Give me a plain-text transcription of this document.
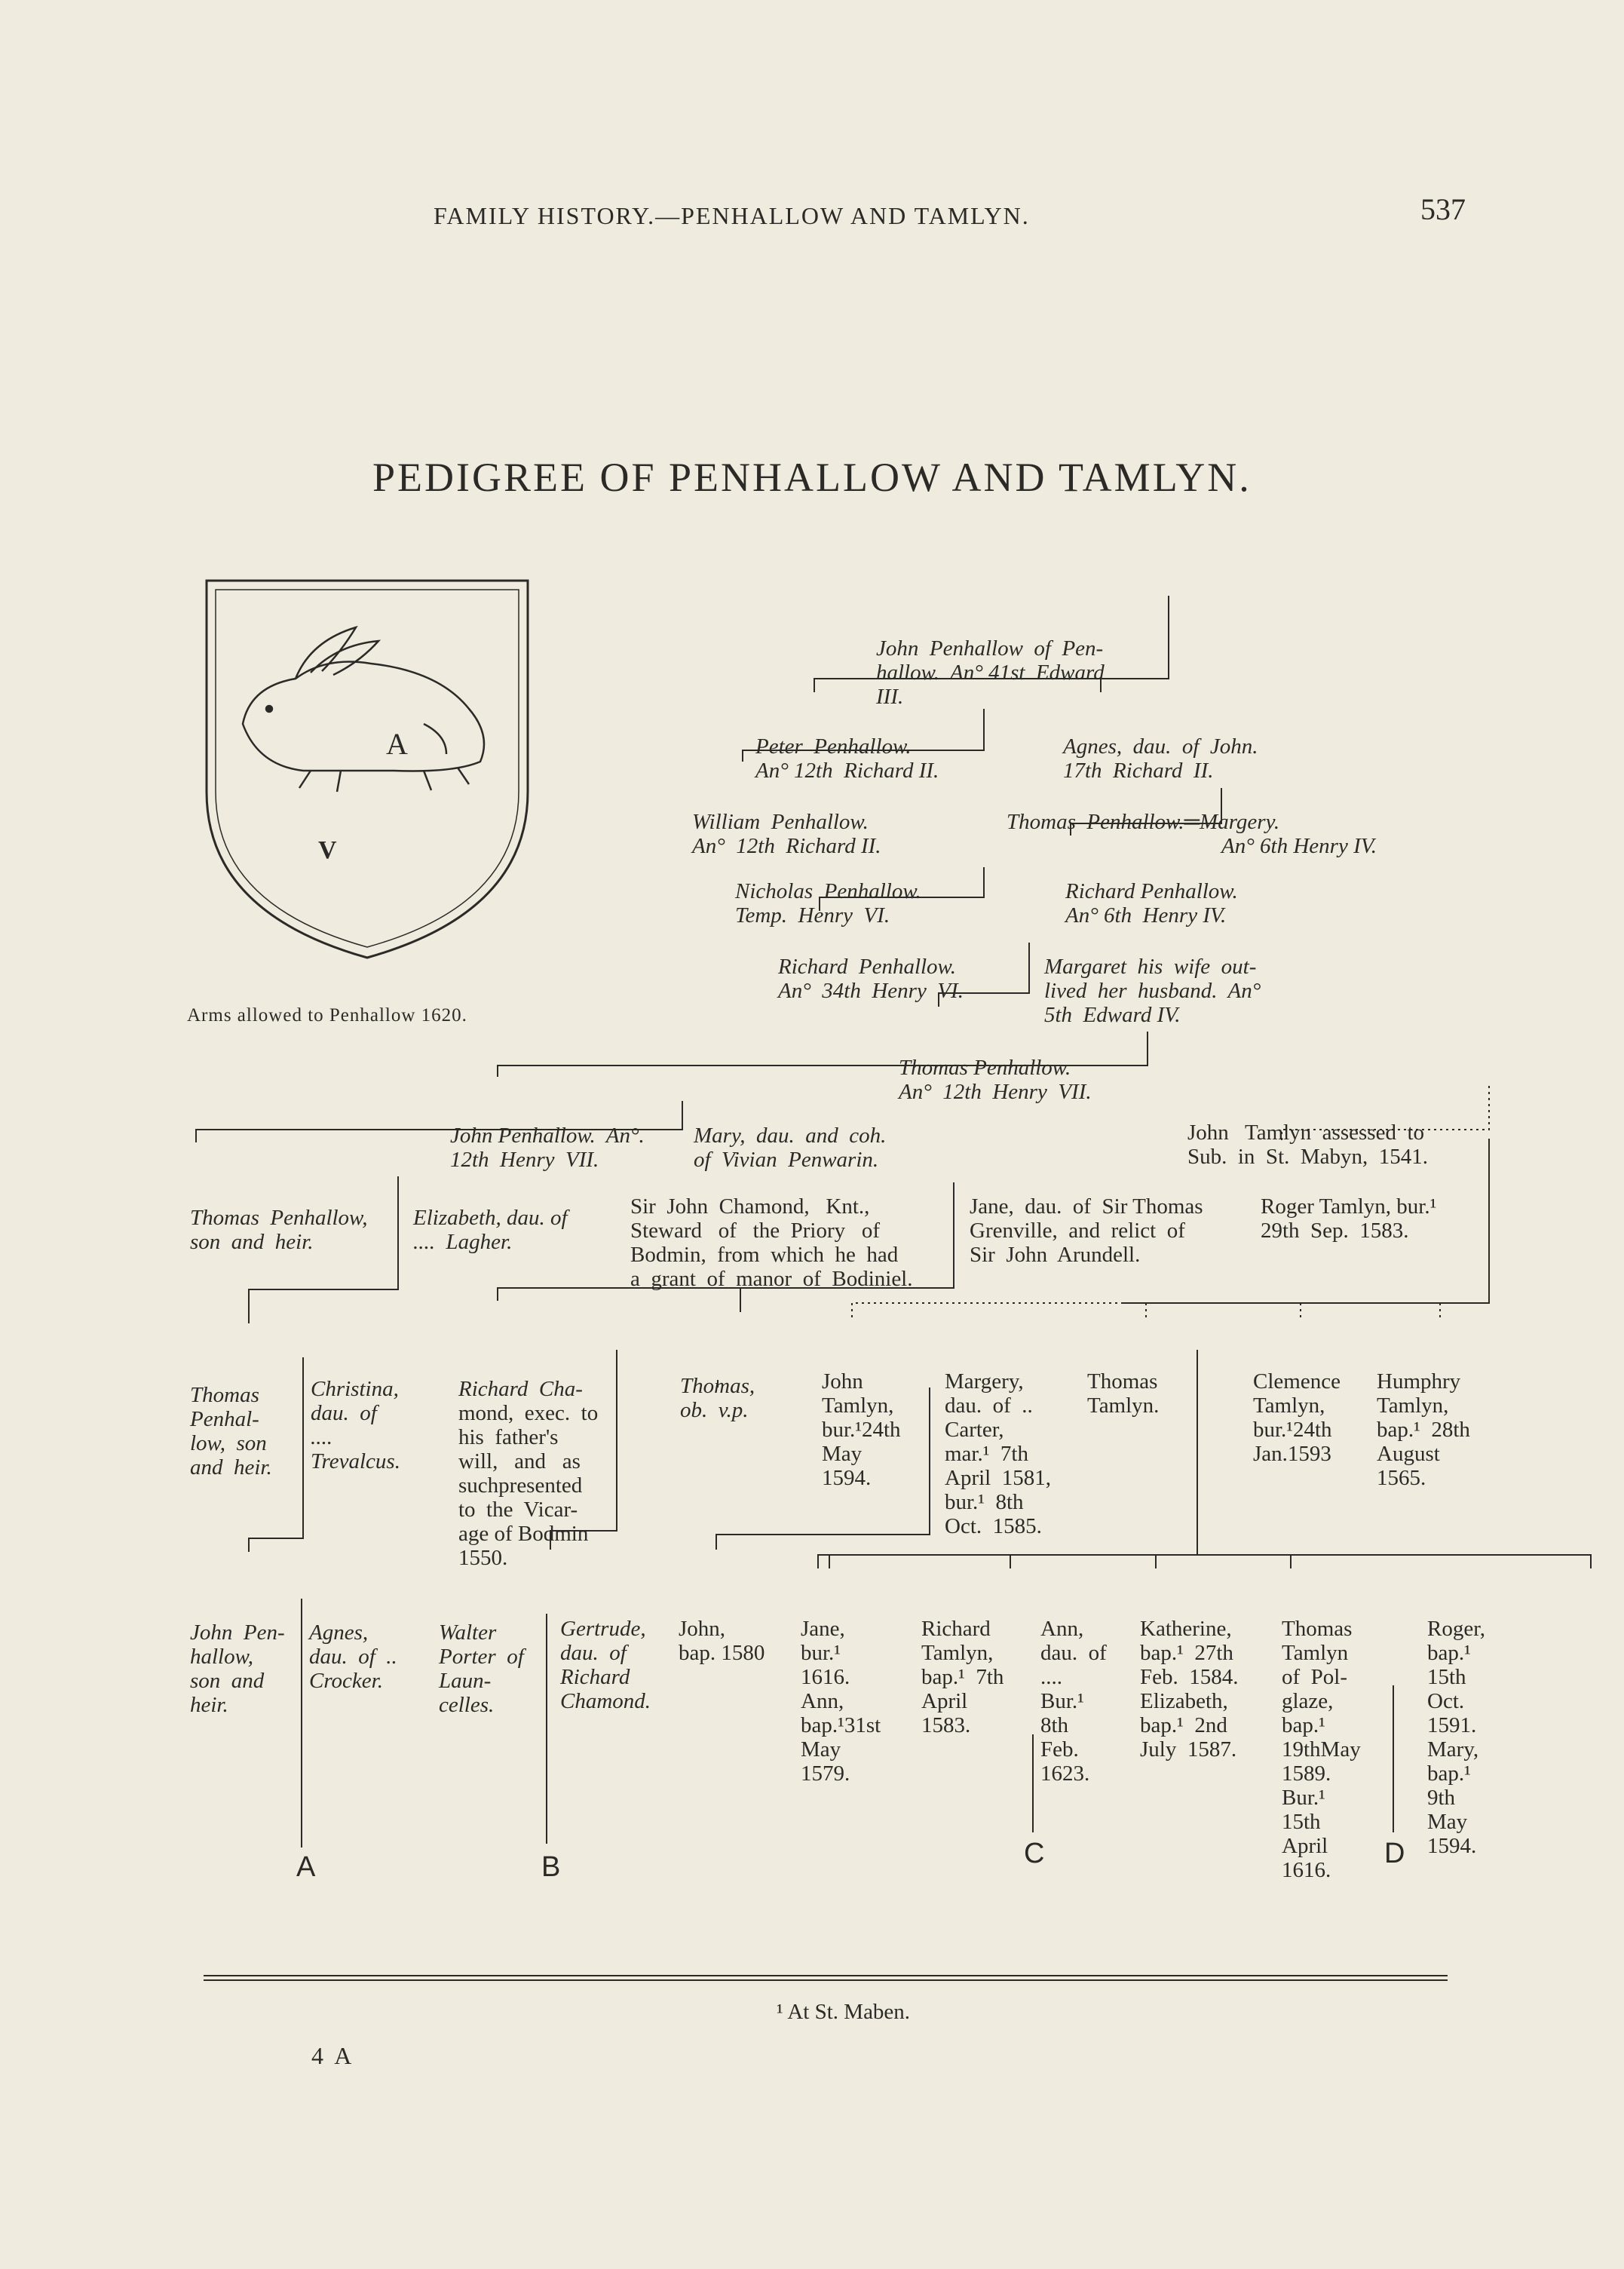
FAMILY HISTORY.—PENHALLOW AND TAMLYN.	537
PEDIGREE OF PENHALLOW AND TAMLYN.
A
V
Arms allowed to Penhallow 1620.

John  Penhallow  of  Pen-
hallow.  An° 41st  Edward
III.

Peter  Penhallow.
An° 12th  Richard II.

Agnes,  dau.  of  John.
17th  Richard  II.

William  Penhallow.
An°  12th  Richard II.

Thomas  Penhallow.═Margery.
An° 6th Henry IV.

Nicholas  Penhallow.
Temp.  Henry  VI.

Richard Penhallow.
An° 6th  Henry IV.

Richard  Penhallow.
An°  34th  Henry  VI.

Margaret  his  wife  out-
lived  her  husband.  An°
5th  Edward IV.

Thomas Penhallow.
An°  12th  Henry  VII.

John Penhallow.  An°.
12th  Henry  VII.

Mary,  dau.  and  coh.
of  Vivian  Penwarin.

John   Tamlyn  assessed  to
Sub.  in  St.  Mabyn,  1541.

Thomas  Penhallow,
son  and  heir.

Elizabeth, dau. of
....  Lagher.

Sir  John  Chamond,   Knt.,
Steward   of   the  Priory   of
Bodmin,  from  which  he  had
a  grant  of  manor  of  Bodiniel.

Jane,  dau.  of  Sir Thomas
Grenville,  and  relict  of
Sir  John  Arundell.

Roger Tamlyn, bur.¹
29th  Sep.  1583.

Thomas
Penhal-
low,  son
and  heir.

Christina,
dau.  of
....
Trevalcus.

Richard  Cha-
mond,  exec.  to
his  father's
will,   and   as
suchpresented
to  the  Vicar-
age of Bodmin
1550.

Thomas,
ob.  v.p.

John
Tamlyn,
bur.¹24th
May
1594.

Margery,
dau.  of  ..
Carter,
mar.¹  7th
April  1581,
bur.¹  8th
Oct.  1585.

Thomas
Tamlyn.

Clemence
Tamlyn,
bur.¹24th
Jan.1593

Humphry
Tamlyn,
bap.¹  28th
August
1565.

John  Pen-
hallow,
son  and
heir.

Agnes,
dau.  of  ..
Crocker.

Walter
Porter  of
Laun-
celles.

Gertrude,
dau.  of
Richard
Chamond.

John,
bap. 1580

Jane,
bur.¹
1616.
Ann,
bap.¹31st
May
1579.

Richard
Tamlyn,
bap.¹  7th
April
1583.

Ann,
dau.  of
....
Bur.¹
8th
Feb.
1623.

Katherine,
bap.¹  27th
Feb.  1584.
Elizabeth,
bap.¹  2nd
July  1587.

Thomas
Tamlyn
of  Pol-
glaze,
bap.¹
19thMay
1589.
Bur.¹
15th
April
1616.

Roger,
bap.¹
15th
Oct.
1591.
Mary,
bap.¹
9th
May
1594.

A	B	C	D
¹ At St. Maben.
4  A
